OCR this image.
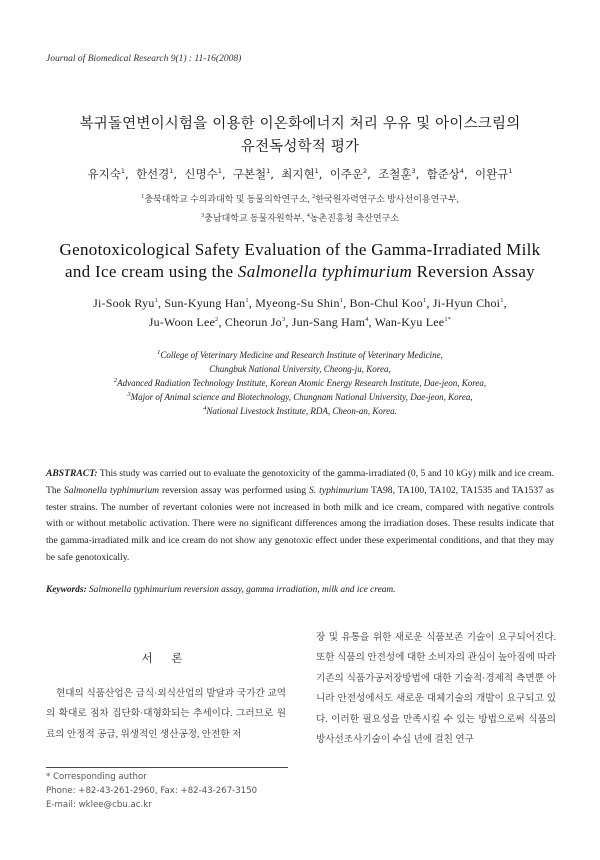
Journal of Biomedical Research 9(1) : 11-16(2008)
복귀돌연변이시험을 이용한 이온화에너지 처리 우유 및 아이스크림의
유전독성학적 평가
유지숙$^1$,  한선경$^1$,  신명수$^1$,  구본철$^1$,  최지현$^1$,  이주운$^2$,  조철훈$^3$,  함준상$^4$,  이완규$^1$
$^1$충북대학교 수의과대학 및 동물의학연구소, $^2$한국원자력연구소 방사선이용연구부,
$^3$충남대학교 동물자원학부, $^4$농촌진흥청 축산연구소
Genotoxicological Safety Evaluation of the Gamma-Irradiated Milk
and Ice cream using the Salmonella typhimurium Reversion Assay
Ji-Sook Ryu$^1$, Sun-Kyung Han$^1$, Myeong-Su Shin$^1$, Bon-Chul Koo$^1$, Ji-Hyun Choi$^1$,
Ju-Woon Lee$^2$, Cheorun Jo$^3$, Jun-Sang Ham$^4$, Wan-Kyu Lee$^{1*}$
$^1$College of Veterinary Medicine and Research Institute of Veterinary Medicine,
Chungbuk National University, Cheong-ju, Korea,
$^2$Advanced Radiation Technology Institute, Korean Atomic Energy Research Institute, Dae-jeon, Korea,
$^3$Major of Animal science and Biotechnology, Chungnam National University, Dae-jeon, Korea,
$^4$National Livestock Institute, RDA, Cheon-an, Korea.
ABSTRACT: This study was carried out to evaluate the genotoxicity of the gamma-irradiated (0, 5 and 10 kGy) milk and ice cream. The Salmonella typhimurium reversion assay was performed using S. typhimurium TA98, TA100, TA102, TA1535 and TA1537 as tester strains. The number of revertant colonies were not increased in both milk and ice cream, compared with negative controls with or without metabolic activation. There were no significant differences among the irradiation doses. These results indicate that the gamma-irradiated milk and ice cream do not show any genotoxic effect under these experimental conditions, and that they may be safe genotoxically.
Keywords: Salmonella typhimurium reversion assay, gamma irradiation, milk and ice cream.
서 론

현대의 식품산업은 급식·외식산업의 발달과 국가간 교역의 확대로 점차 집단화·대형화되는 추세이다. 그러므로 원료의 안정적 공급, 위생적인 생산공정, 안전한 저

장 및 유통을 위한 새로운 식품보존 기술이 요구되어진다. 또한 식품의 안전성에 대한 소비자의 관심이 높아짐에 따라 기존의 식품가공저장방법에 대한 기술적·경제적 측면뿐 아니라 안전성에서도 새로운 대체기술의 개발이 요구되고 있다. 이러한 필요성을 만족시킬 수 있는 방법으로써 식품의 방사선조사기술이 수십 년에 걸친 연구

* Corresponding author
Phone: +82-43-261-2960, Fax: +82-43-267-3150
E-mail: wklee@cbu.ac.kr
